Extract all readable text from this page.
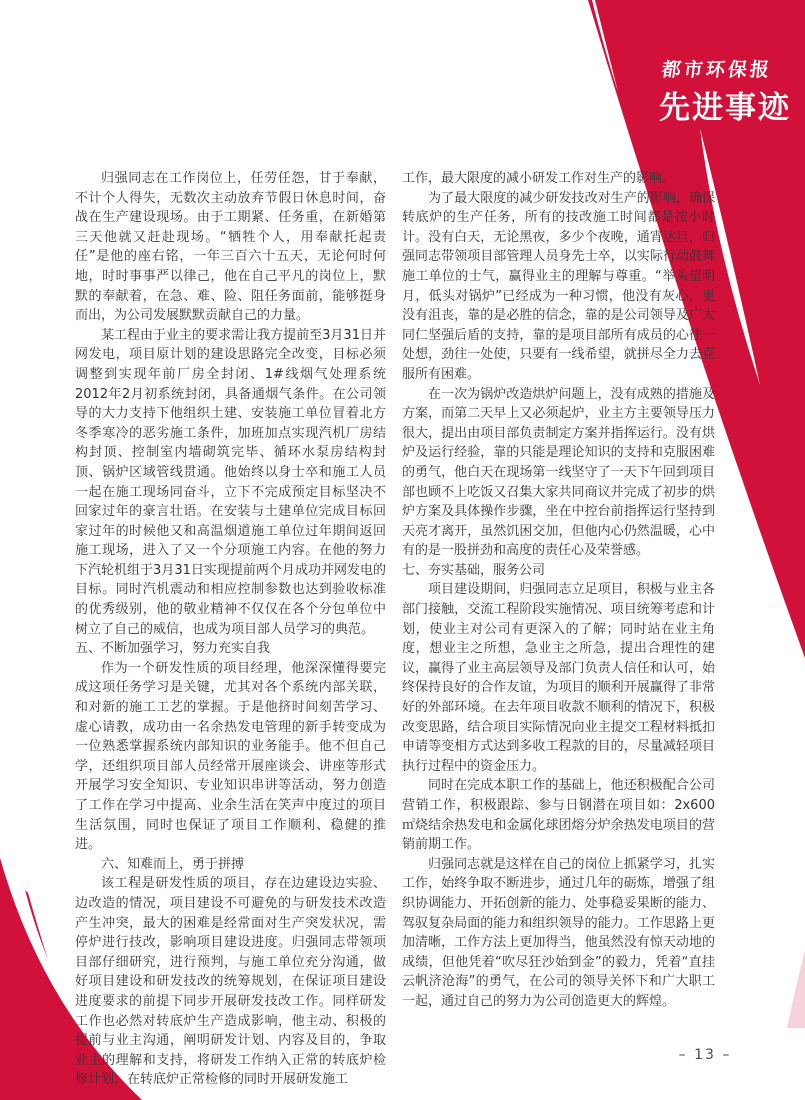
都市环保报
先进事迹

归强同志在工作岗位上，任劳任怨，甘于奉献，不计个人得失，无数次主动放弃节假日休息时间，奋战在生产建设现场。由于工期紧、任务重，在新婚第三天他就又赶赴现场。“牺牲个人，用奉献托起责任”是他的座右铭，一年三百六十五天，无论何时何地，时时事事严以律己，他在自己平凡的岗位上，默默的奉献着，在急、难、险、阻任务面前，能够挺身而出，为公司发展默默贡献自己的力量。

某工程由于业主的要求需让我方提前至3月31日并网发电，项目原计划的建设思路完全改变，目标必须调整到实现年前厂房全封闭、1#线烟气处理系统2012年2月初系统封闭，具备通烟气条件。在公司领导的大力支持下他组织土建、安装施工单位冒着北方冬季寒冷的恶劣施工条件，加班加点实现汽机厂房结构封顶、控制室内墙砌筑完毕、循环水泵房结构封顶、锅炉区域管线贯通。他始终以身士卒和施工人员一起在施工现场同奋斗，立下不完成预定目标坚决不回家过年的豪言壮语。在安装与土建单位完成目标回家过年的时候他又和高温烟道施工单位过年期间返回施工现场，进入了又一个分项施工内容。在他的努力下汽轮机组于3月31日实现提前两个月成功并网发电的目标。同时汽机震动和相应控制参数也达到验收标准的优秀级别，他的敬业精神不仅仅在各个分包单位中树立了自己的威信，也成为项目部人员学习的典范。

五、不断加强学习，努力充实自我

作为一个研发性质的项目经理，他深深懂得要完成这项任务学习是关键，尤其对各个系统内部关联，和对新的施工工艺的掌握。于是他挤时间刻苦学习、虚心请教，成功由一名余热发电管理的新手转变成为一位熟悉掌握系统内部知识的业务能手。他不但自己学，还组织项目部人员经常开展座谈会、讲座等形式开展学习安全知识、专业知识串讲等活动，努力创造了工作在学习中提高、业余生活在笑声中度过的项目生活氛围，同时也保证了项目工作顺利、稳健的推进。

六、知难而上，勇于拼搏

该工程是研发性质的项目，存在边建设边实验、边改造的情况，项目建设不可避免的与研发技术改造产生冲突，最大的困难是经常面对生产突发状况，需停炉进行技改，影响项目建设进度。归强同志带领项目部仔细研究，进行预判，与施工单位充分沟通，做好项目建设和研发技改的统筹规划，在保证项目建设进度要求的前提下同步开展研发技改工作。同样研发工作也必然对转底炉生产造成影响，他主动、积极的提前与业主沟通，阐明研发计划、内容及目的，争取业主的理解和支持，将研发工作纳入正常的转底炉检修计划，在转底炉正常检修的同时开展研发施工

工作，最大限度的减小研发工作对生产的影响。

为了最大限度的减少研发技改对生产的影响，确保转底炉的生产任务，所有的技改施工时间都是按小时计。没有白天，无论黑夜，多少个夜晚，通宵达旦，归强同志带领项目部管理人员身先士卒，以实际行动鼓舞施工单位的士气，赢得业主的理解与尊重。“举头望明月，低头对锅炉”已经成为一种习惯，他没有灰心，更没有沮丧，靠的是必胜的信念，靠的是公司领导及广大同仁坚强后盾的支持，靠的是项目部所有成员的心往一处想，劲往一处使，只要有一线希望，就拼尽全力去克服所有困难。

在一次为锅炉改造烘炉问题上，没有成熟的措施及方案，而第二天早上又必须起炉，业主方主要领导压力很大，提出由项目部负责制定方案并指挥运行。没有烘炉及运行经验，靠的只能是理论知识的支持和克服困难的勇气，他白天在现场第一线坚守了一天下午回到项目部也顾不上吃饭又召集大家共同商议并完成了初步的烘炉方案及具体操作步骤，坐在中控台前指挥运行坚持到天亮才离开，虽然饥困交加，但他内心仍然温暖，心中有的是一股拼劲和高度的责任心及荣誉感。

七、夯实基础，服务公司

项目建设期间，归强同志立足项目，积极与业主各部门接触，交流工程阶段实施情况、项目统筹考虑和计划，使业主对公司有更深入的了解；同时站在业主角度，想业主之所想，急业主之所急，提出合理性的建议，赢得了业主高层领导及部门负责人信任和认可，始终保持良好的合作友谊，为项目的顺利开展赢得了非常好的外部环境。在去年项目收款不顺利的情况下，积极改变思路，结合项目实际情况向业主提交工程材料抵扣申请等变相方式达到多收工程款的目的，尽量减轻项目执行过程中的资金压力。

同时在完成本职工作的基础上，他还积极配合公司营销工作，积极跟踪、参与日钢潜在项目如：2x600㎡烧结余热发电和金属化球团熔分炉余热发电项目的营销前期工作。

归强同志就是这样在自己的岗位上抓紧学习，扎实工作，始终争取不断进步，通过几年的砺炼，增强了组织协调能力、开拓创新的能力、处事稳妥果断的能力、驾驭复杂局面的能力和组织领导的能力。工作思路上更加清晰，工作方法上更加得当，他虽然没有惊天动地的成绩，但他凭着“吹尽狂沙始到金”的毅力，凭着“直挂云帆济沧海”的勇气，在公司的领导关怀下和广大职工一起，通过自己的努力为公司创造更大的辉煌。

– 13 –
